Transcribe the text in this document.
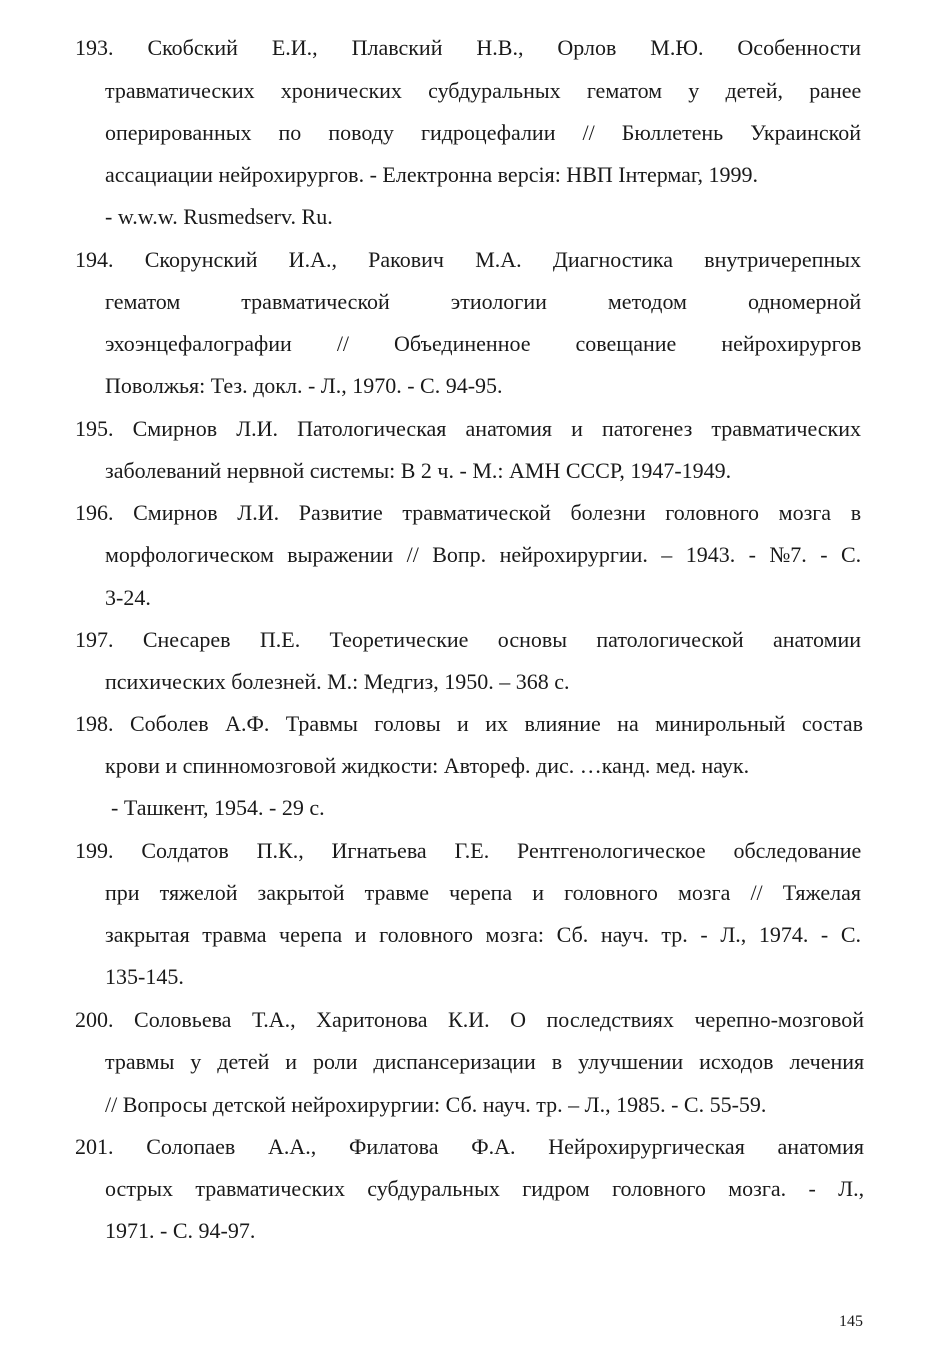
193. Скобский Е.И., Плавский Н.В., Орлов М.Ю. Особенности
травматических хронических субдуральных гематом у детей, ранее
оперированных по поводу гидроцефалии // Бюллетень Украинской
ассациации нейрохирургов. - Електронна версія: НВП Інтермаг, 1999.
- w.w.w. Rusmedserv. Ru.
194. Скорунский И.А., Ракович М.А. Диагностика внутричерепных
гематом травматической этиологии методом одномерной
эхоэнцефалографии // Объединенное совещание нейрохирургов
Поволжья: Тез. докл. - Л., 1970. - С. 94-95.
195. Смирнов Л.И. Патологическая анатомия и патогенез травматических
заболеваний нервной системы: В 2 ч. - М.: АМН СССР, 1947-1949.
196. Смирнов Л.И. Развитие травматической болезни головного мозга в
морфологическом выражении // Вопр. нейрохирургии. – 1943. - №7. - С.
3-24.
197. Снесарев П.Е. Теоретические основы патологической анатомии
психических болезней. М.: Медгиз, 1950. – 368 с.
198. Соболев А.Ф. Травмы головы и их влияние на минирольный состав
крови и спинномозговой жидкости: Автореф. дис. …канд. мед. наук.
- Ташкент, 1954. - 29 с.
199. Солдатов П.К., Игнатьева Г.Е. Рентгенологическое обследование
при тяжелой закрытой травме черепа и головного мозга // Тяжелая
закрытая травма черепа и головного мозга: Сб. науч. тр. - Л., 1974. - С.
135-145.
200. Соловьева Т.А., Харитонова К.И. О последствиях черепно-мозговой
травмы у детей и роли диспансеризации в улучшении исходов лечения
// Вопросы детской нейрохирургии: Сб. науч. тр. – Л., 1985. - С. 55-59.
201. Солопаев А.А., Филатова Ф.А. Нейрохирургическая анатомия
острых травматических субдуральных гидром головного мозга. - Л.,
1971. - С. 94-97.
145
